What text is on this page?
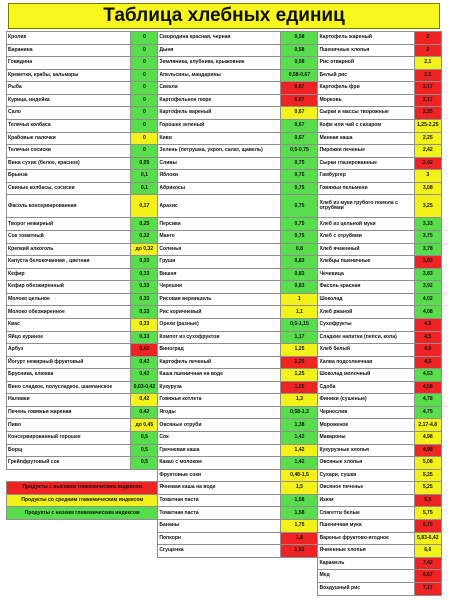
Таблица хлебных единиц
Кролик	0	Смородина красная, черная	0,58	Картофель жареный	2
Баранина	0	Дыня	0,58	Пшеничные хлопья	2
Говядина	0	Земляника, клубника, крыжовник	0,58	Рис отварной	2,1
Креветки, крабы, кальмары	0	Апельсины, мандарины	0,58-0,67	Белый рис	2,1
Рыба	0	Свекла	0,67	Картофель фри	2,17
Курица, индейка	0	Картофельное пюре	0,67	Морковь	2,17
Сало	0	Картофель вареный	0,67	Сырки и массы творожные	2,25
Телячья колбаса	0	Горошек зеленый	0,67	Кофе или чай с сахаром	1,25-2,25
Крабовые палочки	0	Киви	0,67	Манная каша	2,25
Телячьи сосиски	0	Зелень (петрушка, укроп, салат, щавель)	0,5-0,75	Пирожки печеные	2,42
Вина сухие (белое, красное)	0,05	Сливы	0,75	Сырки глазированные	2,42
Брынза	0,1	Яблоки	0,75	Гамбургер	3
Свиные колбасы, сосиски	0,1	Абрикосы	0,75	Говяжьи пельмени	3,08
Фасоль консервированная	0,17	Арахис	0,75	Хлеб из муки грубого помола с отрубями	3,25
Творог нежирный	0,25	Персики	0,75	Хлеб из цельной муки	3,33
Сок томатный	0,32	Манго	0,75	Хлеб с отрубями	3,75
Крепкий алкоголь	до 0,32	Соленья	0,8	Хлеб ячменный	3,78
Капуста белокочанная , цветная	0,33	Груши	0,83	Хлебцы пшеничные	3,83
Кефир	0,33	Вишня	0,83	Чечевица	3,83
Кефир обезжиренный	0,33	Черешня	0,83	Фасоль красная	3,92
Молоко цельное	0,33	Рисовая вермишель	1	Шоколад	4,02
Молоко обезжиренное	0,33	Рис коричневый	1,1	Хлеб ржаной	4,08
Квас	0,33	Орехи (разные)	0,5-1,15	Сухофрукты	4,5
Яйцо куриное	0,33	Компот из сухофруктов	1,17	Сладкие напитки (пепси, кола)	4,5
Арбуз	0,42	Виноград	1,25	Хлеб белый	4,5
Йогурт нежирный фруктовый	0,42	Картофель печеный	1,25	Халва подсолнечная	4,5
Брусника, клюква	0,42	Каша пшеничная на воде	1,25	Шоколад молочный	4,53
Вино сладкое, полусладкое, шампанское	0,03-0,42	Кукуруза	1,25	Сдоба	4,58
Наливки	0,42	Говяжья котлета	1,3	Финики (сушеные)	4,78
Печень говяжья жареная	0,42	Ягоды	0,58-1,3	Чернослив	4,75
Пиво	до 0,45	Овсяные отруби	1,38	Мороженое	2,17-4,8
Консервированный горошек	0,5	Сок	1,42	Макароны	4,98
Борщ	0,5	Гречневая каша	1,42	Кукурузные хлопья	4,98
Грейпфрутовый сок	0,5	Какао с молоком	1,42	Овсяные хлопья	5,08
		Фруктовые соки	0,48-1,5	Сухари, сушки	5,25
Продукты с высоким гликемическим индексом		Ячневая каша на воде	1,5	Овсяное печенье	5,25
Продукты со средним гликемическим индексом		Томатная паста	1,58	Изюм	5,5
Продукты с низким гликемическим индексом		Томатная паста	1,58	Спагетти белые	5,75
		Бананы	1,75	Пшеничная мука	5,75
		Попкорн	1,8	Варенье фруктово-ягодное	5,83-6,42
		Сгущенка	1,92	Ячменные хлопья	6,6
				Карамель	7,42
				Мед	6,67
				Воздушный рис	7,17
